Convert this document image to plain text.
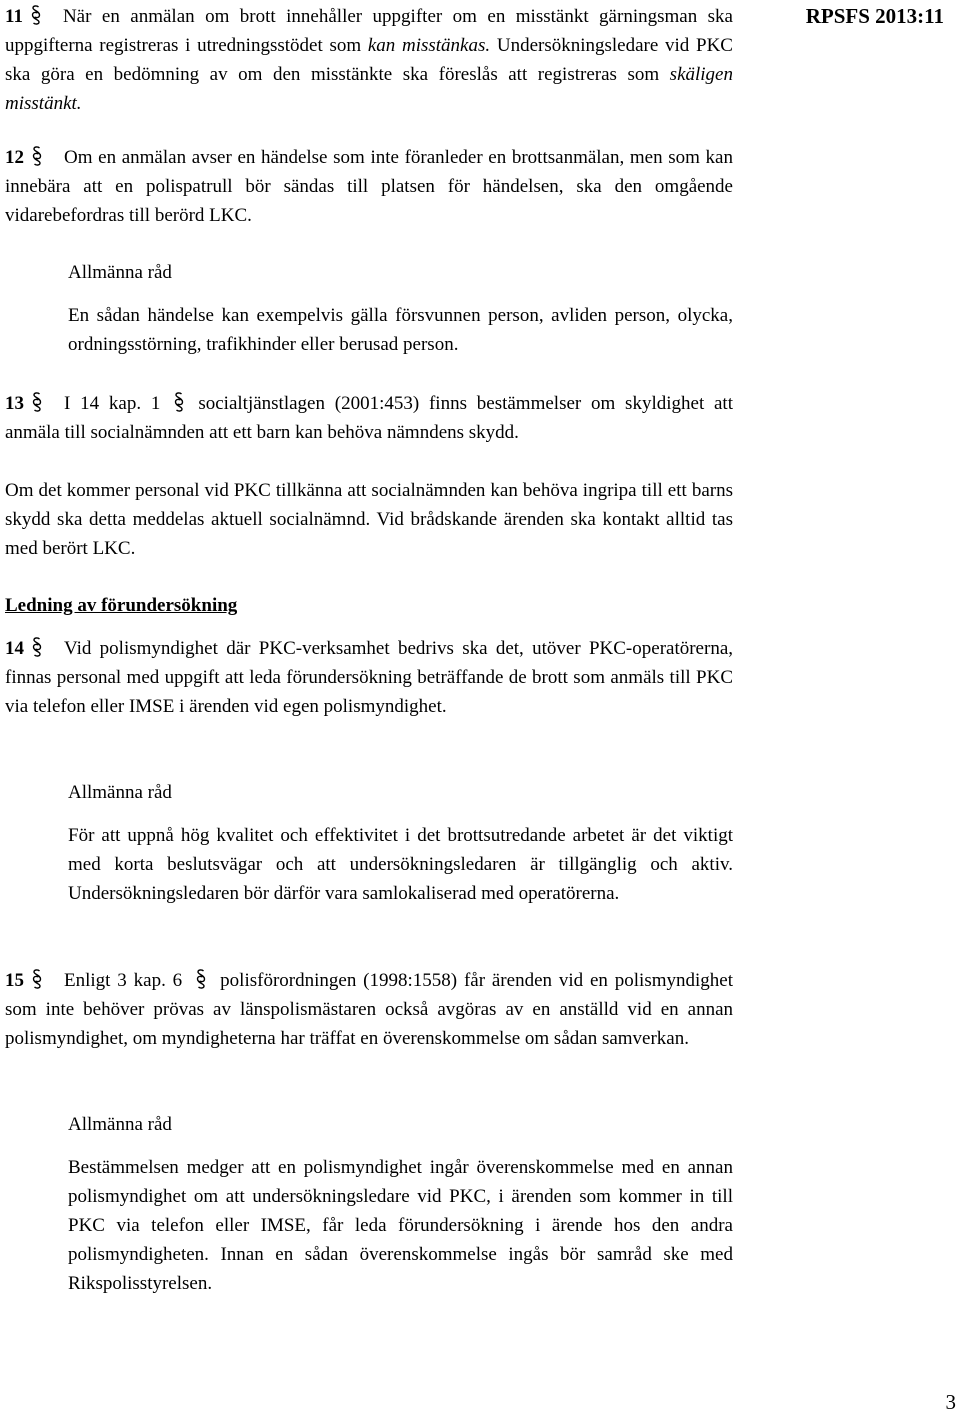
RPSFS 2013:11
11 När en anmälan om brott innehåller uppgifter om en misstänkt gärningsman ska uppgifterna registreras i utredningsstödet som kan misstänkas. Undersökningsledare vid PKC ska göra en bedömning av om den misstänkte ska föreslås att registreras som skäligen misstänkt.
12 Om en anmälan avser en händelse som inte föranleder en brottsanmälan, men som kan innebära att en polispatrull bör sändas till platsen för händelsen, ska den omgående vidarebefordras till berörd LKC.
Allmänna råd
En sådan händelse kan exempelvis gälla försvunnen person, avliden person, olycka, ordningsstörning, trafikhinder eller berusad person.
13 I 14 kap. 1 socialtjänstlagen (2001:453) finns bestämmelser om skyldighet att anmäla till socialnämnden att ett barn kan behöva nämndens skydd.
Om det kommer personal vid PKC tillkänna att socialnämnden kan behöva ingripa till ett barns skydd ska detta meddelas aktuell socialnämnd. Vid brådskande ärenden ska kontakt alltid tas med berört LKC.
Ledning av förundersökning
14 Vid polismyndighet där PKC-verksamhet bedrivs ska det, utöver PKC-operatörerna, finnas personal med uppgift att leda förundersökning beträffande de brott som anmäls till PKC via telefon eller IMSE i ärenden vid egen polismyndighet.
Allmänna råd
För att uppnå hög kvalitet och effektivitet i det brottsutredande arbetet är det viktigt med korta beslutsvägar och att undersökningsledaren är tillgänglig och aktiv. Undersökningsledaren bör därför vara samlokaliserad med operatörerna.
15 Enligt 3 kap. 6 polisförordningen (1998:1558) får ärenden vid en polismyndighet som inte behöver prövas av länspolismästaren också avgöras av en anställd vid en annan polismyndighet, om myndigheterna har träffat en överenskommelse om sådan samverkan.
Allmänna råd
Bestämmelsen medger att en polismyndighet ingår överenskommelse med en annan polismyndighet om att undersökningsledare vid PKC, i ärenden som kommer in till PKC via telefon eller IMSE, får leda förundersökning i ärende hos den andra polismyndigheten. Innan en sådan överenskommelse ingås bör samråd ske med Rikspolisstyrelsen.
3
